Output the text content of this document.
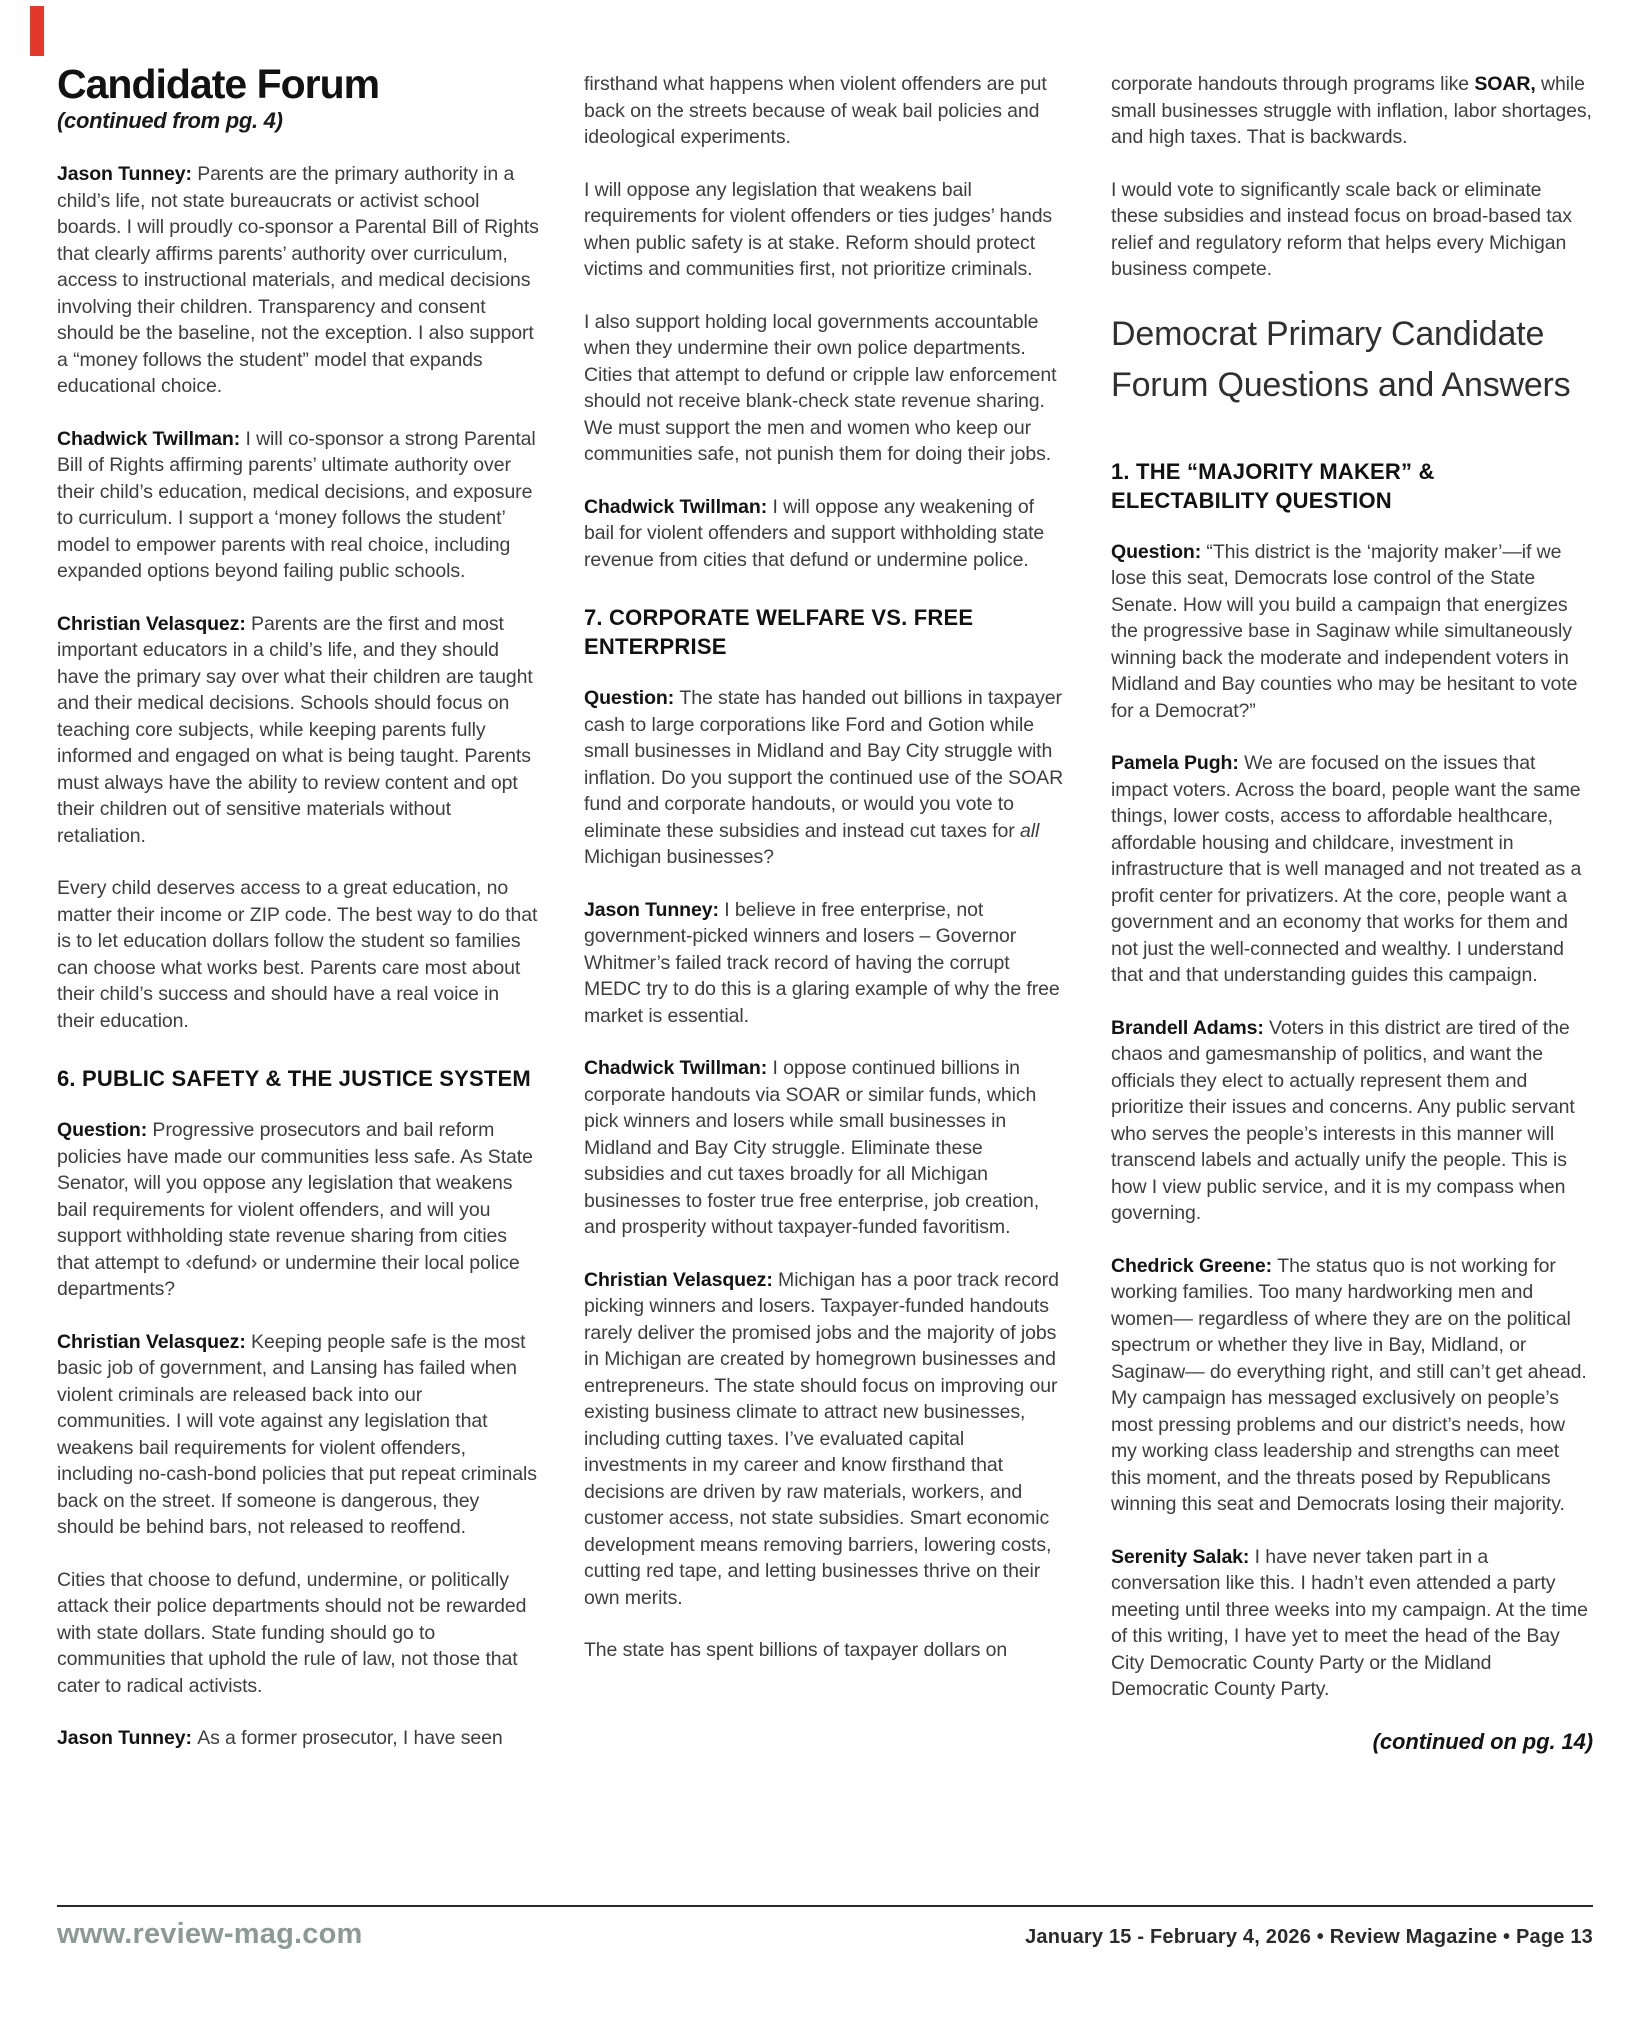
Candidate Forum

(continued from pg. 4)

Jason Tunney: Parents are the primary authority in a child’s life, not state bureaucrats or activist school boards. I will proudly co-sponsor a Parental Bill of Rights that clearly affirms parents’ authority over curriculum, access to instructional materials, and medical decisions involving their children. Transparency and consent should be the baseline, not the exception. I also support a “money follows the student” model that expands educational choice.

Chadwick Twillman: I will co-sponsor a strong Parental Bill of Rights affirming parents’ ultimate authority over their child’s education, medical decisions, and exposure to curriculum. I support a ‘money follows the student’ model to empower parents with real choice, including expanded options beyond failing public schools.

Christian Velasquez: Parents are the first and most important educators in a child’s life, and they should have the primary say over what their children are taught and their medical decisions. Schools should focus on teaching core subjects, while keeping parents fully informed and engaged on what is being taught. Parents must always have the ability to review content and opt their children out of sensitive materials without retaliation.

Every child deserves access to a great education, no matter their income or ZIP code. The best way to do that is to let education dollars follow the student so families can choose what works best. Parents care most about their child’s success and should have a real voice in their education.

6. PUBLIC SAFETY & THE JUSTICE SYSTEM

Question: Progressive prosecutors and bail reform policies have made our communities less safe. As State Senator, will you oppose any legislation that weakens bail requirements for violent offenders, and will you support withholding state revenue sharing from cities that attempt to ‹defund› or undermine their local police departments?

Christian Velasquez: Keeping people safe is the most basic job of government, and Lansing has failed when violent criminals are released back into our communities. I will vote against any legislation that weakens bail requirements for violent offenders, including no-cash-bond policies that put repeat criminals back on the street. If someone is dangerous, they should be behind bars, not released to reoffend.

Cities that choose to defund, undermine, or politically attack their police departments should not be rewarded with state dollars. State funding should go to communities that uphold the rule of law, not those that cater to radical activists.

Jason Tunney: As a former prosecutor, I have seen

firsthand what happens when violent offenders are put back on the streets because of weak bail policies and ideological experiments.

I will oppose any legislation that weakens bail requirements for violent offenders or ties judges’ hands when public safety is at stake. Reform should protect victims and communities first, not prioritize criminals.

I also support holding local governments accountable when they undermine their own police departments. Cities that attempt to defund or cripple law enforcement should not receive blank-check state revenue sharing. We must support the men and women who keep our communities safe, not punish them for doing their jobs.

Chadwick Twillman: I will oppose any weakening of bail for violent offenders and support withholding state revenue from cities that defund or undermine police.

7. CORPORATE WELFARE VS. FREE ENTERPRISE

Question: The state has handed out billions in taxpayer cash to large corporations like Ford and Gotion while small businesses in Midland and Bay City struggle with inflation. Do you support the continued use of the SOAR fund and corporate handouts, or would you vote to eliminate these subsidies and instead cut taxes for all Michigan businesses?

Jason Tunney: I believe in free enterprise, not government-picked winners and losers – Governor Whitmer’s failed track record of having the corrupt MEDC try to do this is a glaring example of why the free market is essential.

Chadwick Twillman: I oppose continued billions in corporate handouts via SOAR or similar funds, which pick winners and losers while small businesses in Midland and Bay City struggle. Eliminate these subsidies and cut taxes broadly for all Michigan businesses to foster true free enterprise, job creation, and prosperity without taxpayer-funded favoritism.

Christian Velasquez: Michigan has a poor track record picking winners and losers. Taxpayer-funded handouts rarely deliver the promised jobs and the majority of jobs in Michigan are created by homegrown businesses and entrepreneurs. The state should focus on improving our existing business climate to attract new businesses, including cutting taxes. I’ve evaluated capital investments in my career and know firsthand that decisions are driven by raw materials, workers, and customer access, not state subsidies. Smart economic development means removing barriers, lowering costs, cutting red tape, and letting businesses thrive on their own merits.

The state has spent billions of taxpayer dollars on

corporate handouts through programs like SOAR, while small businesses struggle with inflation, labor shortages, and high taxes. That is backwards.

I would vote to significantly scale back or eliminate these subsidies and instead focus on broad-based tax relief and regulatory reform that helps every Michigan business compete.

Democrat Primary Candidate Forum Questions and Answers
1. THE “MAJORITY MAKER” & ELECTABILITY QUESTION

Question: “This district is the ‘majority maker’—if we lose this seat, Democrats lose control of the State Senate. How will you build a campaign that energizes the progressive base in Saginaw while simultaneously winning back the moderate and independent voters in Midland and Bay counties who may be hesitant to vote for a Democrat?”

Pamela Pugh: We are focused on the issues that impact voters. Across the board, people want the same things, lower costs, access to affordable healthcare, affordable housing and childcare, investment in infrastructure that is well managed and not treated as a profit center for privatizers. At the core, people want a government and an economy that works for them and not just the well-connected and wealthy. I understand that and that understanding guides this campaign.

Brandell Adams: Voters in this district are tired of the chaos and gamesmanship of politics, and want the officials they elect to actually represent them and prioritize their issues and concerns. Any public servant who serves the people’s interests in this manner will transcend labels and actually unify the people. This is how I view public service, and it is my compass when governing.

Chedrick Greene: The status quo is not working for working families. Too many hardworking men and women— regardless of where they are on the political spectrum or whether they live in Bay, Midland, or Saginaw— do everything right, and still can’t get ahead. My campaign has messaged exclusively on people’s most pressing problems and our district’s needs, how my working class leadership and strengths can meet this moment, and the threats posed by Republicans winning this seat and Democrats losing their majority.

Serenity Salak: I have never taken part in a conversation like this. I hadn’t even attended a party meeting until three weeks into my campaign. At the time of this writing, I have yet to meet the head of the Bay City Democratic County Party or the Midland Democratic County Party.

(continued on pg. 14)

www.review-mag.com	January 15 - February 4, 2026 • Review Magazine • Page 13
